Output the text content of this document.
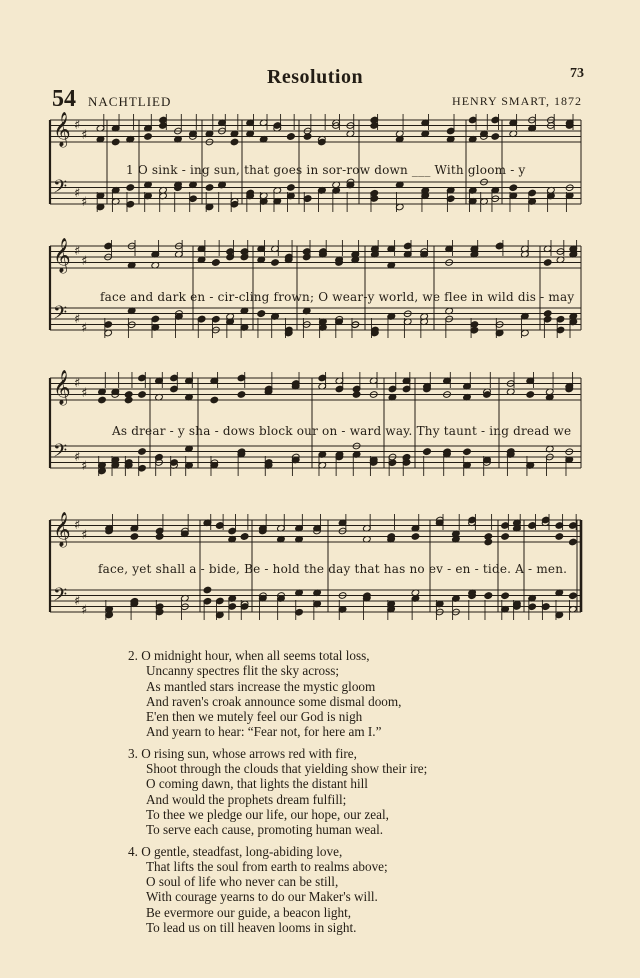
Resolution	73
54 NACHTLIED	HENRY SMART, 1872
𝄞 ♯
♯
𝄢 ♯
♯
1 O sink - ing sun, that goes in sor-row down ___ With gloom - y
𝄞 ♯
♯
𝄢 ♯
♯
face and dark en - cir-cling frown; O wear-y world, we flee in wild dis - may
𝄞 ♯
♯
𝄢 ♯
♯
As drear - y sha - dows block our on - ward way. Thy taunt - ing dread we
𝄞 ♯
♯
𝄢 ♯
♯
face, yet shall a - bide, Be - hold the day that has no ev - en - tide. A - men.
2. O midnight hour, when all seems total loss,
Uncanny spectres flit the sky across;
As mantled stars increase the mystic gloom
And raven's croak announce some dismal doom,
E'en then we mutely feel our God is nigh
And yearn to hear: “Fear not, for here am I.”
3. O rising sun, whose arrows red with fire,
Shoot through the clouds that yielding show their ire;
O coming dawn, that lights the distant hill
And would the prophets dream fulfill;
To thee we pledge our life, our hope, our zeal,
To serve each cause, promoting human weal.
4. O gentle, steadfast, long-abiding love,
That lifts the soul from earth to realms above;
O soul of life who never can be still,
With courage yearns to do our Maker's will.
Be evermore our guide, a beacon light,
To lead us on till heaven looms in sight.
